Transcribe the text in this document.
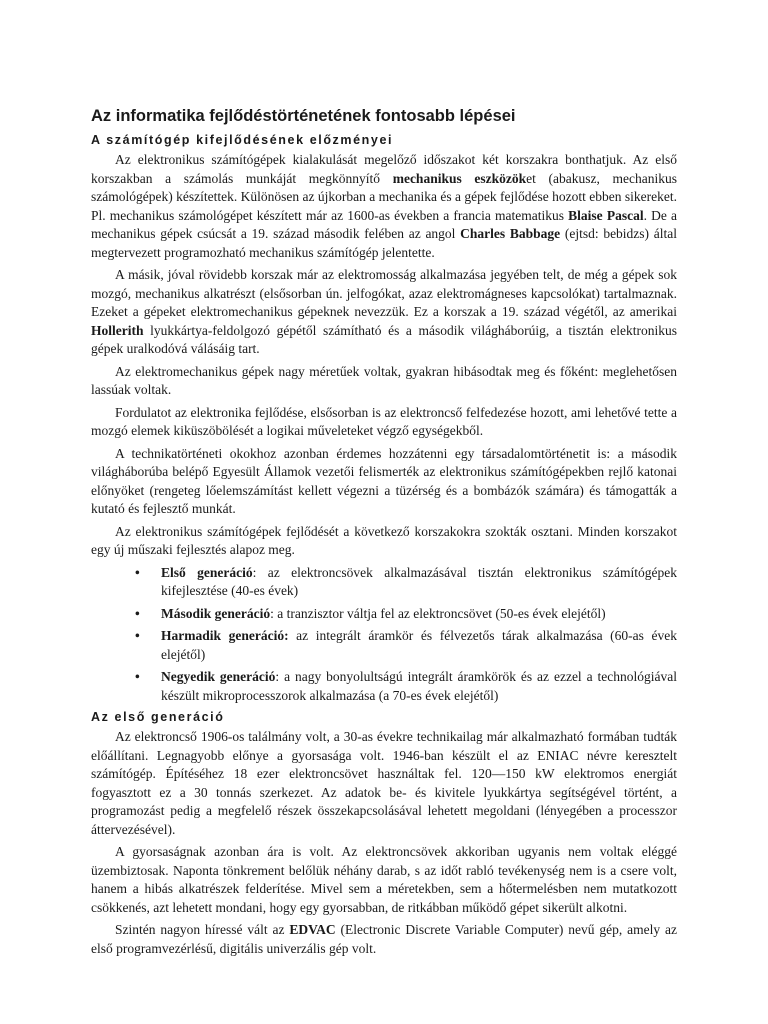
Az informatika fejlődéstörténetének fontosabb lépései
A számítógép kifejlődésének előzményei

Az elektronikus számítógépek kialakulását megelőző időszakot két korszakra bonthatjuk. Az első korszakban a számolás munkáját megkönnyítő mechanikus eszközöket (abakusz, mechanikus számológépek) készítettek. Különösen az újkorban a mechanika és a gépek fejlődése hozott ebben sikereket. Pl. mechanikus számológépet készített már az 1600-as években a francia matematikus Blaise Pascal. De a mechanikus gépek csúcsát a 19. század második felében az angol Charles Babbage (ejtsd: bebidzs) által megtervezett programozható mechanikus számítógép jelentette.

A másik, jóval rövidebb korszak már az elektromosság alkalmazása jegyében telt, de még a gépek sok mozgó, mechanikus alkatrészt (elsősorban ún. jelfogókat, azaz elektromágneses kapcsolókat) tartalmaznak. Ezeket a gépeket elektromechanikus gépeknek nevezzük. Ez a korszak a 19. század végétől, az amerikai Hollerith lyukkártya-feldolgozó gépétől számítható és a második világháborúig, a tisztán elektronikus gépek uralkodóvá válásáig tart.

Az elektromechanikus gépek nagy méretűek voltak, gyakran hibásodtak meg és főként: meglehetősen lassúak voltak.

Fordulatot az elektronika fejlődése, elsősorban is az elektroncső felfedezése hozott, ami lehetővé tette a mozgó elemek kiküszöbölését a logikai műveleteket végző egységekből.

A technikatörténeti okokhoz azonban érdemes hozzátenni egy társadalomtörténetit is: a második világháborúba belépő Egyesült Államok vezetői felismerték az elektronikus számítógépekben rejlő katonai előnyöket (rengeteg lőelemszámítást kellett végezni a tüzérség és a bombázók számára) és támogatták a kutató és fejlesztő munkát.

Az elektronikus számítógépek fejlődését a következő korszakokra szokták osztani. Minden korszakot egy új műszaki fejlesztés alapoz meg.

• Első generáció: az elektroncsövek alkalmazásával tisztán elektronikus számítógépek kifejlesztése (40-es évek)
• Második generáció: a tranzisztor váltja fel az elektroncsövet (50-es évek elejétől)
• Harmadik generáció: az integrált áramkör és félvezetős tárak alkalmazása (60-as évek elejétől)
• Negyedik generáció: a nagy bonyolultságú integrált áramkörök és az ezzel a technológiával készült mikroprocesszorok alkalmazása (a 70-es évek elejétől)
Az első generáció

Az elektroncső 1906-os találmány volt, a 30-as évekre technikailag már alkalmazható formában tudták előállítani. Legnagyobb előnye a gyorsasága volt. 1946-ban készült el az ENIAC névre keresztelt számítógép. Építéséhez 18 ezer elektroncsövet használtak fel. 120—150 kW elektromos energiát fogyasztott ez a 30 tonnás szerkezet. Az adatok be- és kivitele lyukkártya segítségével történt, a programozást pedig a megfelelő részek összekapcsolásával lehetett megoldani (lényegében a processzor áttervezésével).

A gyorsaságnak azonban ára is volt. Az elektroncsövek akkoriban ugyanis nem voltak eléggé üzembiztosak. Naponta tönkrement belőlük néhány darab, s az időt rabló tevékenység nem is a csere volt, hanem a hibás alkatrészek felderítése. Mivel sem a méretekben, sem a hőtermelésben nem mutatkozott csökkenés, azt lehetett mondani, hogy egy gyorsabban, de ritkábban működő gépet sikerült alkotni.

Szintén nagyon híressé vált az EDVAC (Electronic Discrete Variable Computer) nevű gép, amely az első programvezérlésű, digitális univerzális gép volt.
